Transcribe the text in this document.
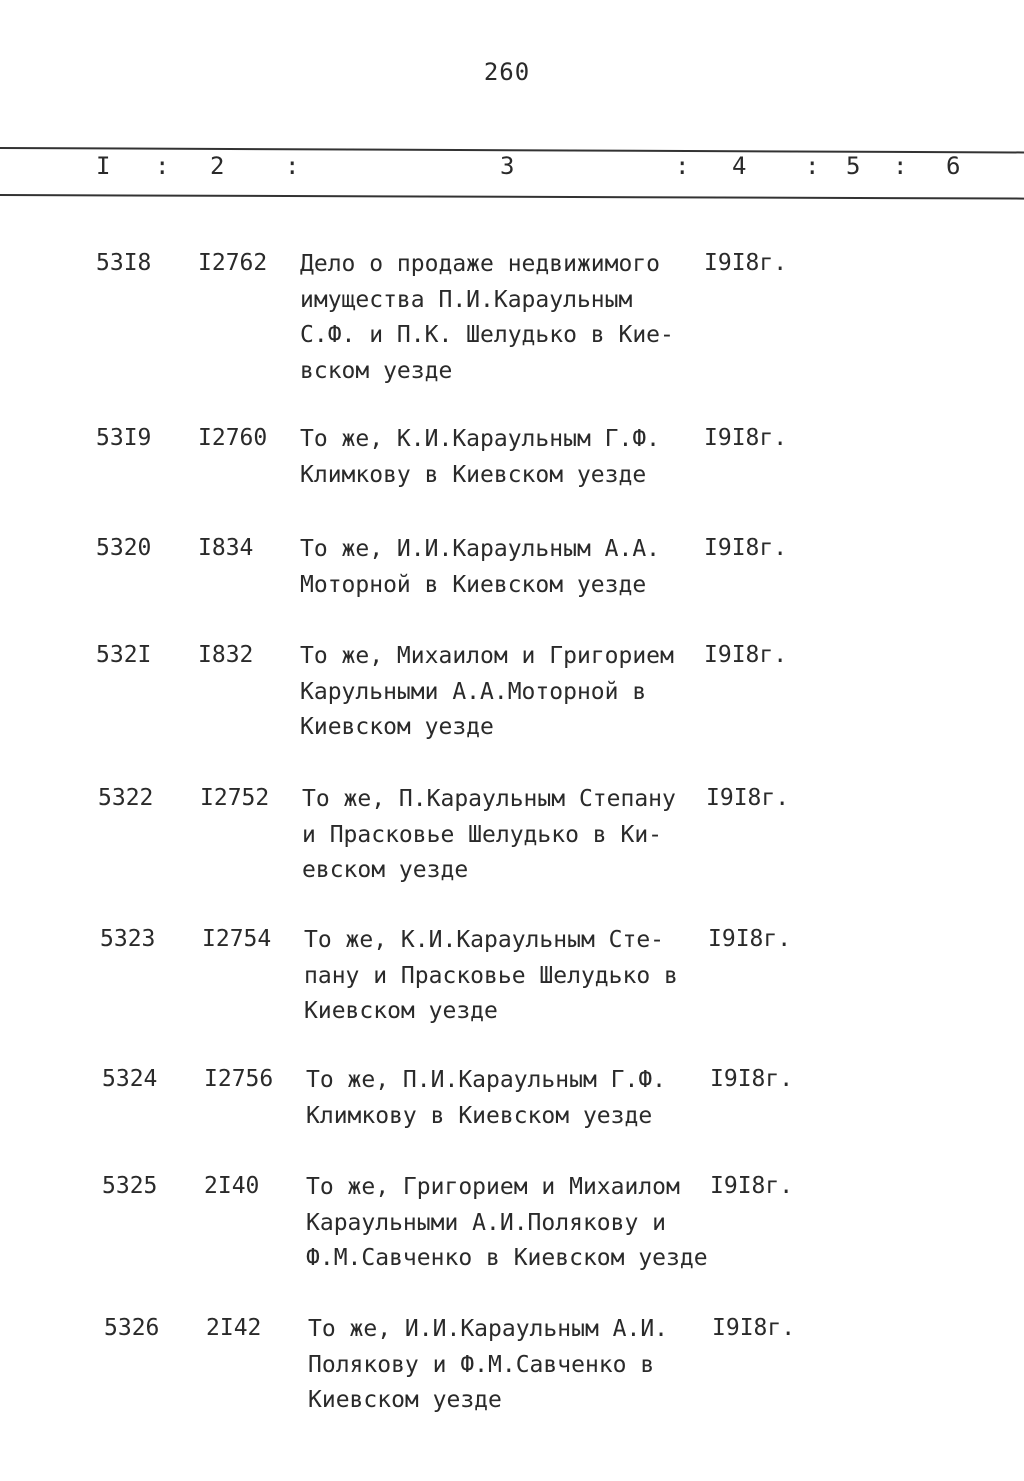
260
I : 2	:	3	: 4 : 5 : 6
53I8 I2762 Дело о продаже недвижимого
имущества П.И.Караульным
С.Ф. и П.К. Шелудько в Кие-
вском уезде
I9I8г.
53I9 I2760 То же, К.И.Караульным Г.Ф.
Климкову в Киевском уезде
I9I8г.
5320 I834 То же, И.И.Караульным А.А.
Моторной в Киевском уезде
I9I8г.
532I I832 То же, Михаилом и Григорием
Карульными А.А.Моторной в
Киевском уезде
I9I8г.
5322 I2752 То же, П.Караульным Степану
и Прасковье Шелудько в Ки-
евском уезде
I9I8г.
5323 I2754 То же, К.И.Караульным Сте-
пану и Прасковье Шелудько в
Киевском уезде
I9I8г.
5324 I2756 То же, П.И.Караульным Г.Ф.
Климкову в Киевском уезде
I9I8г.
5325 2I40 То же, Григорием и Михаилом
Караульными А.И.Полякову и
Ф.М.Савченко в Киевском уезде
I9I8г.
5326 2I42 То же, И.И.Караульным А.И.
Полякову и Ф.М.Савченко в
Киевском уезде
I9I8г.
